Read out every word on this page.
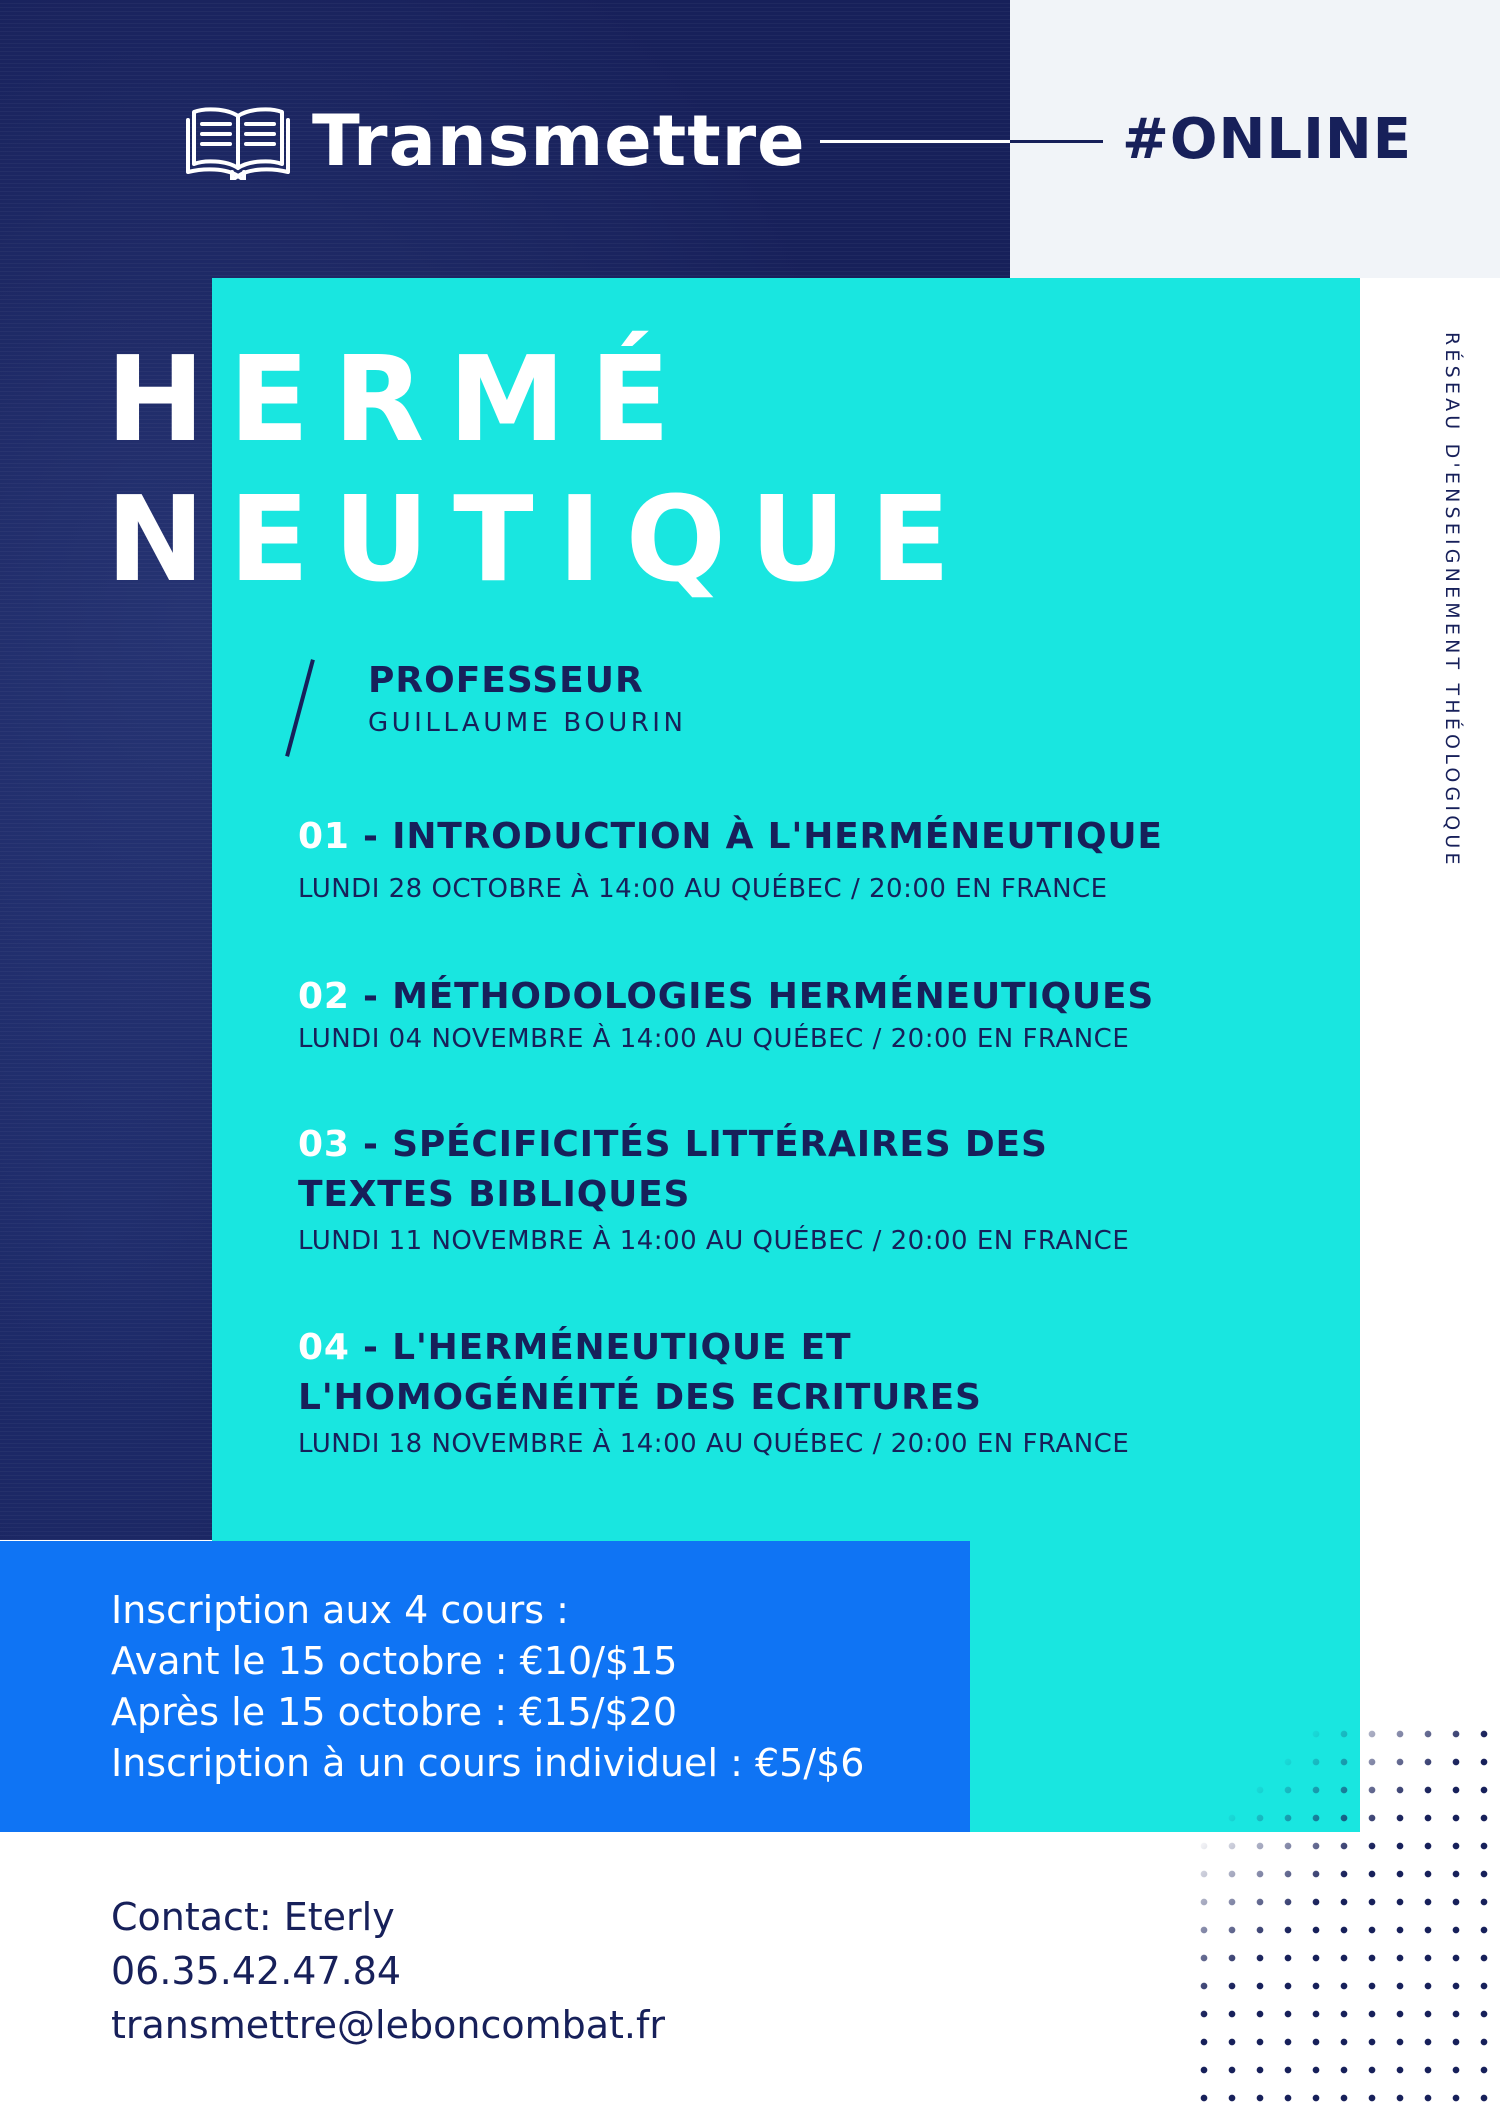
Transmettre	#ONLINE
HERMÉ
NEUTIQUE	RÉSEAU D'ENSEIGNEMENT THÉOLOGIQUE
PROFESSEUR
GUILLAUME BOURIN
01 - INTRODUCTION À L'HERMÉNEUTIQUE
LUNDI 28 OCTOBRE À 14:00 AU QUÉBEC / 20:00 EN FRANCE
02 - MÉTHODOLOGIES HERMÉNEUTIQUES
LUNDI 04 NOVEMBRE À 14:00 AU QUÉBEC / 20:00 EN FRANCE
03 - SPÉCIFICITÉS LITTÉRAIRES DES
TEXTES BIBLIQUES
LUNDI 11 NOVEMBRE À 14:00 AU QUÉBEC / 20:00 EN FRANCE
04 - L'HERMÉNEUTIQUE ET
L'HOMOGÉNÉITÉ DES ECRITURES
LUNDI 18 NOVEMBRE À 14:00 AU QUÉBEC / 20:00 EN FRANCE
Inscription aux 4 cours :
Avant le 15 octobre : €10/$15
Après le 15 octobre : €15/$20
Inscription à un cours individuel : €5/$6
Contact: Eterly
06.35.42.47.84
transmettre@leboncombat.fr
